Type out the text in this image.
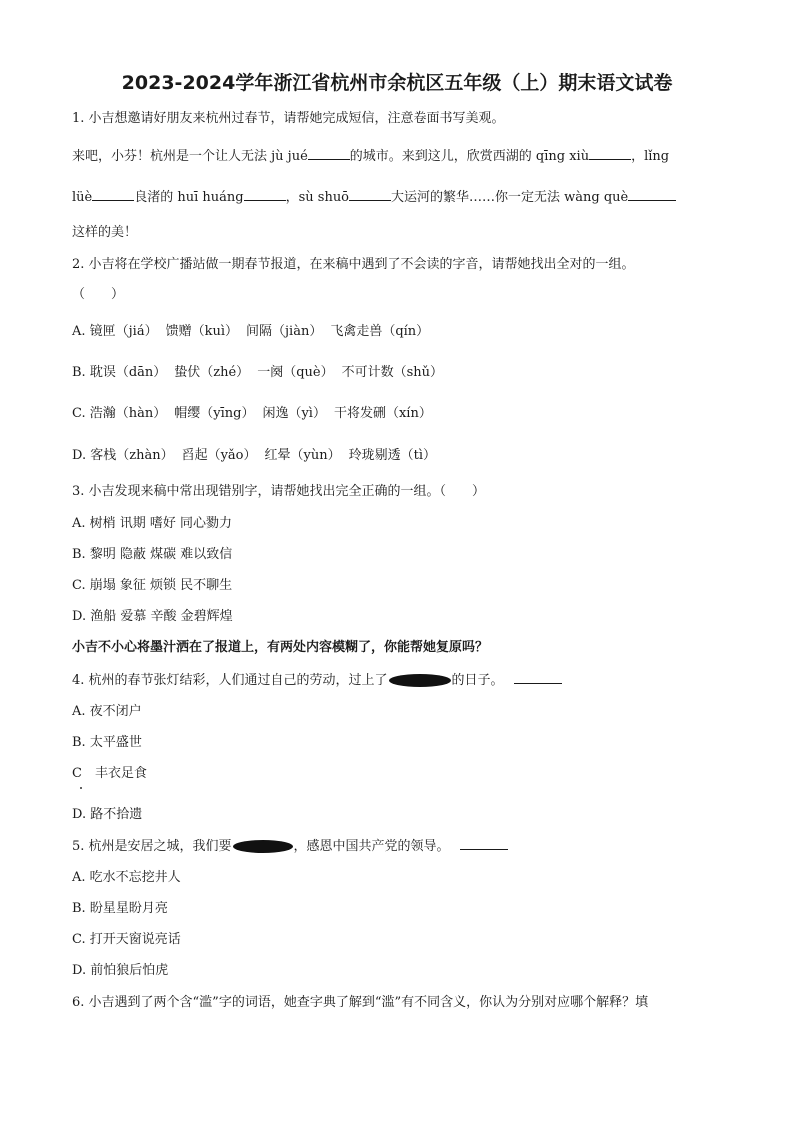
2023-2024学年浙江省杭州市余杭区五年级（上）期末语文试卷
1. 小吉想邀请好朋友来杭州过春节，请帮她完成短信，注意卷面书写美观。
来吧，小芬！杭州是一个让人无法 jù jué	的城市。来到这儿，欣赏西湖的 qīng xiù	，lǐng
lüè	良渚的 huī huáng	，sù shuō	大运河的繁华……你一定无法 wàng què
这样的美！
2. 小吉将在学校广播站做一期春节报道，在来稿中遇到了不会读的字音，请帮她找出全对的一组。
（　　）
A. 镜匣（jiá） 馈赠（kuì） 间隔（jiàn） 飞禽走兽（qín）
B. 耽误（dān） 蛰伏（zhé） 一阕（què） 不可计数（shǔ）
C. 浩瀚（hàn） 帽缨（yīng） 闲逸（yì） 干将发硎（xín）
D. 客栈（zhàn） 舀起（yǎo） 红晕（yùn） 玲珑剔透（tì）
3. 小吉发现来稿中常出现错别字，请帮她找出完全正确的一组。（　　）
A. 树梢 讯期 嗜好 同心勠力
B. 黎明 隐蔽 煤碳 难以致信
C. 崩塌 象征 烦锁 民不聊生
D. 渔船 爱慕 辛酸 金碧辉煌
小吉不小心将墨汁洒在了报道上，有两处内容模糊了，你能帮她复原吗？
4. 杭州的春节张灯结彩，人们通过自己的劳动，过上了	的日子。
A. 夜不闭户
B. 太平盛世
C　丰衣足食
D. 路不拾遗
5. 杭州是安居之城，我们要	，感恩中国共产党的领导。
A. 吃水不忘挖井人
B. 盼星星盼月亮
C. 打开天窗说亮话
D. 前怕狼后怕虎
6. 小吉遇到了两个含“滥”字的词语，她查字典了解到“滥”有不同含义，你认为分别对应哪个解释？填
